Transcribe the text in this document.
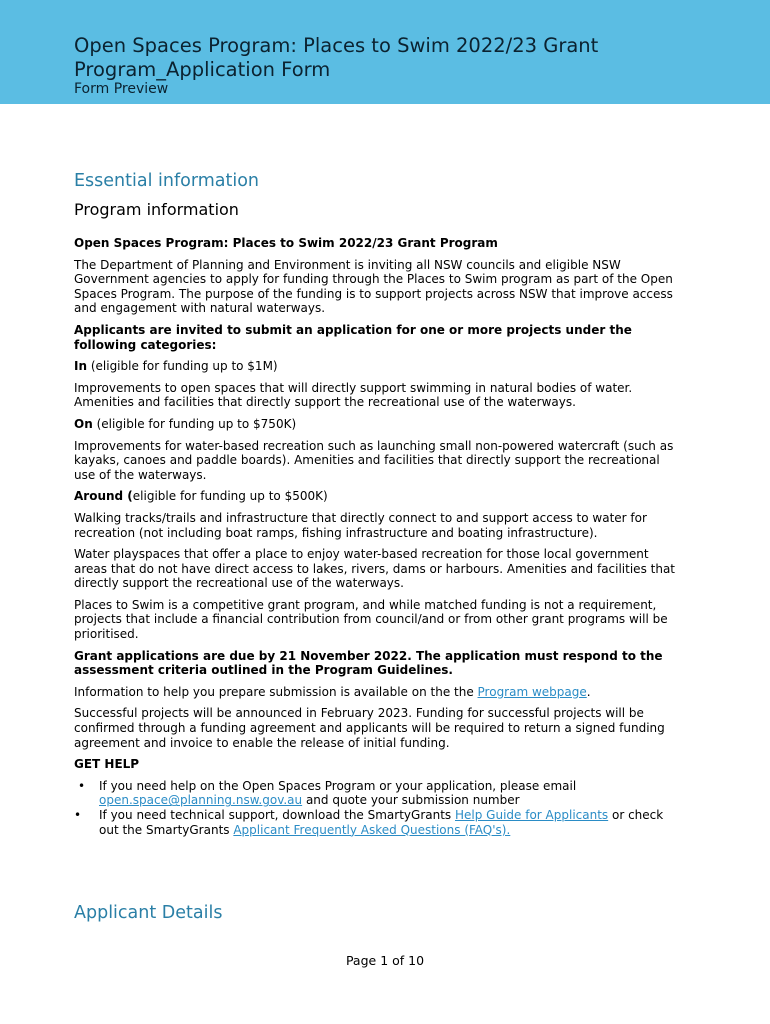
Open Spaces Program: Places to Swim 2022/23 Grant Program_Application Form
Form Preview
Essential information
Program information

Open Spaces Program: Places to Swim 2022/23 Grant Program

The Department of Planning and Environment is inviting all NSW councils and eligible NSW Government agencies to apply for funding through the Places to Swim program as part of the Open Spaces Program. The purpose of the funding is to support projects across NSW that improve access and engagement with natural waterways.

Applicants are invited to submit an application for one or more projects under the following categories:

In (eligible for funding up to $1M)

Improvements to open spaces that will directly support swimming in natural bodies of water. Amenities and facilities that directly support the recreational use of the waterways.

On (eligible for funding up to $750K)

Improvements for water-based recreation such as launching small non-powered watercraft (such as kayaks, canoes and paddle boards). Amenities and facilities that directly support the recreational use of the waterways.

Around (eligible for funding up to $500K)

Walking tracks/trails and infrastructure that directly connect to and support access to water for recreation (not including boat ramps, fishing infrastructure and boating infrastructure).

Water playspaces that offer a place to enjoy water-based recreation for those local government areas that do not have direct access to lakes, rivers, dams or harbours. Amenities and facilities that directly support the recreational use of the waterways.

Places to Swim is a competitive grant program, and while matched funding is not a requirement, projects that include a financial contribution from council/and or from other grant programs will be prioritised.

Grant applications are due by 21 November 2022. The application must respond to the assessment criteria outlined in the Program Guidelines.

Information to help you prepare submission is available on the the Program webpage.

Successful projects will be announced in February 2023. Funding for successful projects will be confirmed through a funding agreement and applicants will be required to return a signed funding agreement and invoice to enable the release of initial funding.

GET HELP

• If you need help on the Open Spaces Program or your application, please email open.space@planning.nsw.gov.au and quote your submission number
• If you need technical support, download the SmartyGrants Help Guide for Applicants or check out the SmartyGrants Applicant Frequently Asked Questions (FAQ's).
Applicant Details
Page 1 of 10
